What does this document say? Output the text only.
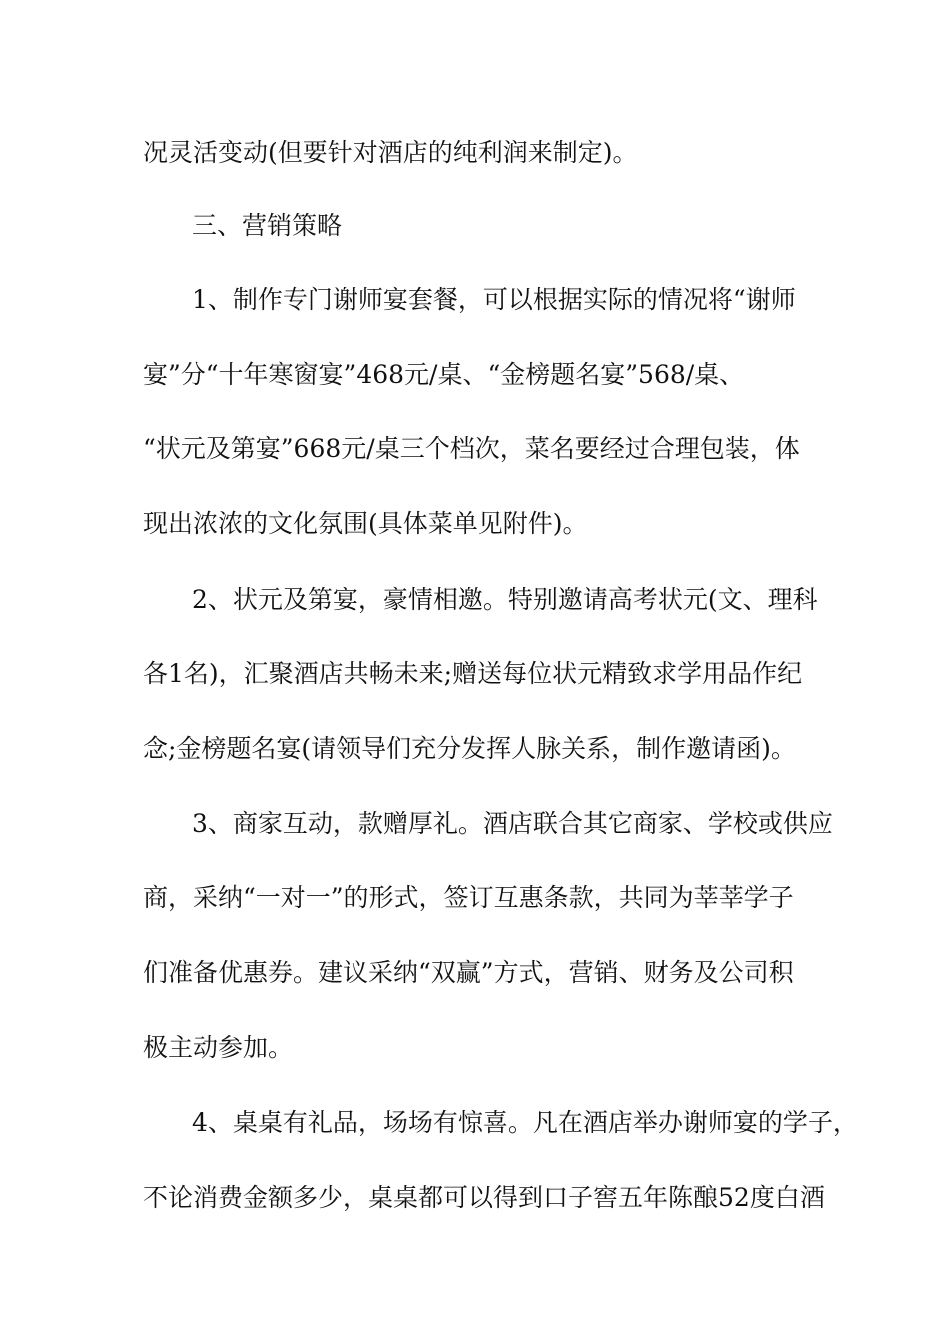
况灵活变动(但要针对酒店的纯利润来制定)。
三、营销策略
1、制作专门谢师宴套餐，可以根据实际的情况将“谢师
宴”分“十年寒窗宴”468元/桌、“金榜题名宴”568/桌、
“状元及第宴”668元/桌三个档次，菜名要经过合理包装，体
现出浓浓的文化氛围(具体菜单见附件)。
2、状元及第宴，豪情相邀。特别邀请高考状元(文、理科
各1名)，汇聚酒店共畅未来;赠送每位状元精致求学用品作纪
念;金榜题名宴(请领导们充分发挥人脉关系，制作邀请函)。
3、商家互动，款赠厚礼。酒店联合其它商家、学校或供应
商，采纳“一对一”的形式，签订互惠条款，共同为莘莘学子
们准备优惠券。建议采纳“双赢”方式，营销、财务及公司积
极主动参加。
4、桌桌有礼品，场场有惊喜。凡在酒店举办谢师宴的学子，
不论消费金额多少，桌桌都可以得到口子窖五年陈酿52度白酒
